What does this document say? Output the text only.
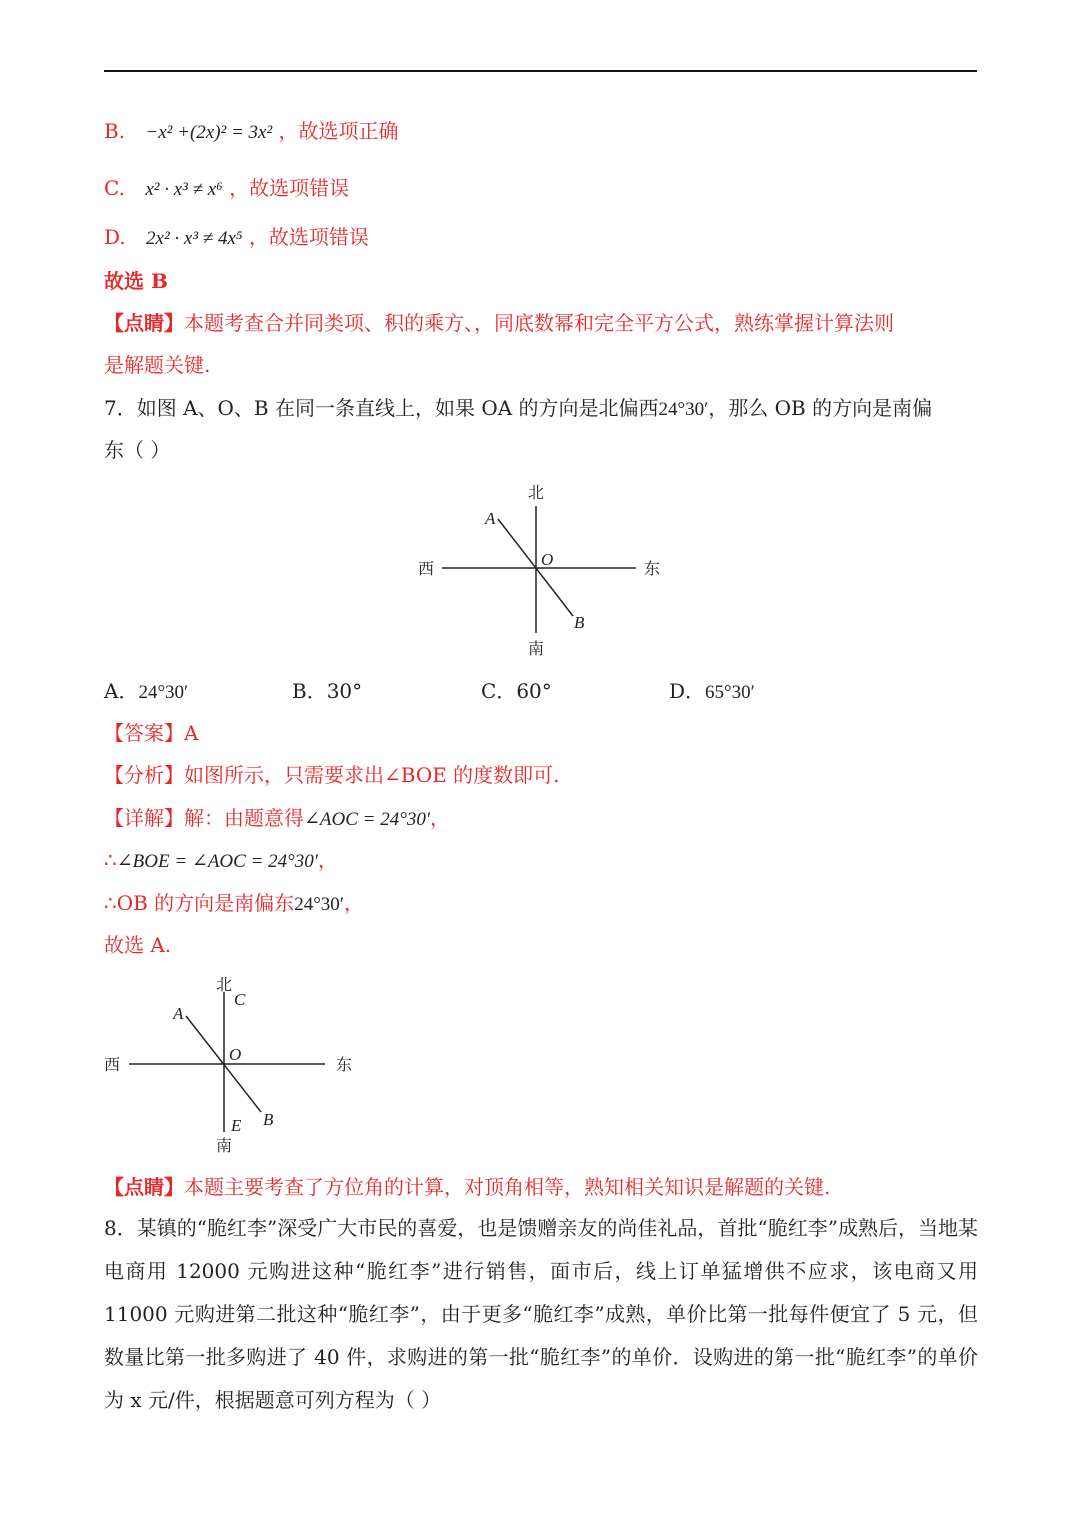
B. −x² +(2x)² = 3x² ，故选项正确
C. x² · x³ ≠ x⁶ ，故选项错误
D. 2x² · x³ ≠ 4x⁵ ，故选项错误
故选 B
【点睛】本题考查合并同类项、积的乘方、，同底数幂和完全平方公式，熟练掌握计算法则
是解题关键.
7．如图 A、O、B 在同一条直线上，如果 OA 的方向是北偏西24°30′，那么 OB 的方向是南偏
东（ ）
北
南
西	东
A
O
B
A．24°30′	B．30°	C．60°	D．65°30′
【答案】A
【分析】如图所示，只需要求出∠BOE 的度数即可.
【详解】解：由题意得∠AOC = 24°30′，
∴∠BOE = ∠AOC = 24°30′，
∴OB 的方向是南偏东24°30′，
故选 A.
北
南
西	东
C
A
O
E B
【点睛】本题主要考查了方位角的计算，对顶角相等，熟知相关知识是解题的关键.
8．某镇的“脆红李”深受广大市民的喜爱，也是馈赠亲友的尚佳礼品，首批“脆红李”成熟后，当地某电商用 12000 元购进这种“脆红李”进行销售，面市后，线上订单猛增供不应求，该电商又用 11000 元购进第二批这种“脆红李”，由于更多“脆红李”成熟，单价比第一批每件便宜了 5 元，但数量比第一批多购进了 40 件，求购进的第一批“脆红李”的单价．设购进的第一批“脆红李”的单价为 x 元/件，根据题意可列方程为（ ）
